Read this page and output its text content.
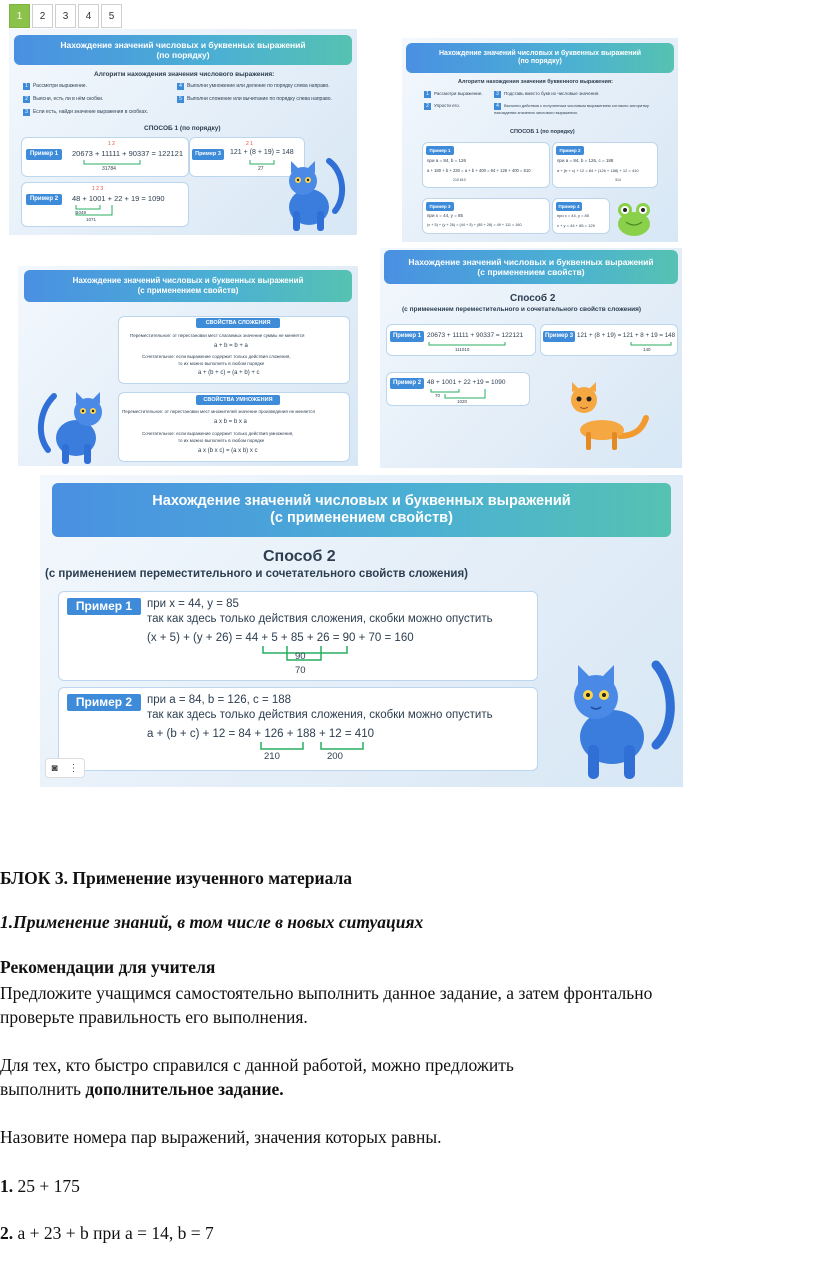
1	2	3	4	5
Нахождение значений числовых и буквенных выражений
(по порядку)
Алгоритм нахождения значения числового выражения:
1 Рассмотри выражение.
2 Выясни, есть ли в нём скобки.
3 Если есть, найди значение выражения в скобках.
4 Выполни умножение или деление по порядку слева направо.
5 Выполни сложение или вычитание по порядку слева направо.
СПОСОБ 1 (по порядку)
Пример 1
1 2
20673 + 11111 + 90337 = 122121
31784
Пример 3
2 1
121 + (8 + 19) = 148
27
Пример 2
1 2 3
48 + 1001 + 22 + 19 = 1090
1049
1071
Нахождение значений числовых и буквенных выражений
(по порядку)
Алгоритм нахождения значения буквенного выражения:
1 Рассмотри выражение.
2 Упрости его.
3 Подставь вместо букв их числовые значения.
4 Выполни действия с полученным числовым выражением согласно алгоритму нахождения значения числового выражения.
СПОСОБ 1 (по порядку)
Пример 1
при a = 84, b = 126
a + 180 + b + 230 = a + b + 400 = 84 + 126 + 400 = 610
210 610
Пример 2
при a = 84, b = 126, c = 188
a + (b + c) + 12 = 84 + (126 + 188) + 12 = 410
314
Пример 3
при x = 44, y = 85
(x + 5) + (y + 26) = (44 + 5) + (85 + 26) = 49 + 111 = 160
Пример 4
при x = 44, y = 85
x + y = 44 + 85 = 129
Нахождение значений числовых и буквенных выражений
(с применением свойств)
СВОЙСТВА СЛОЖЕНИЯ
Переместительное: от перестановки мест слагаемых значение суммы не меняется
a + b = b + a
Сочетательное: если выражение содержит только действия сложения,
то их можно выполнять в любом порядке
a + (b + c) = (a + b) + c
СВОЙСТВА УМНОЖЕНИЯ
Переместительное: от перестановки мест множителей значение произведения не меняется
a x b = b x a
Сочетательное: если выражение содержит только действия умножения,
то их можно выполнять в любом порядке
a x (b x c) = (a x b) x c
Нахождение значений числовых и буквенных выражений
(с применением свойств)
Способ 2
(с применением переместительного и сочетательного свойств сложения)
Пример 1 20673 + 11111 + 90337 = 122121
111010
Пример 3 121 + (8 + 19) = 121 + 8 + 19 = 148
140
Пример 2 48 + 1001 + 22 +19 = 1090
70
1020
Нахождение значений числовых и буквенных выражений
(с применением свойств)
Способ 2
(с применением переместительного и сочетательного свойств сложения)
Пример 1	при x = 44, y = 85
так как здесь только действия сложения, скобки можно опустить
(x + 5) + (y + 26) = 44 + 5 + 85 + 26 = 90 + 70 = 160
90
70
Пример 2	при a = 84, b = 126, c = 188
так как здесь только действия сложения, скобки можно опустить
a + (b + c) + 12 = 84 + 126 + 188 + 12 = 410
210	200
◙ ⋮
БЛОК 3. Применение изученного материала
1.Применение знаний, в том числе в новых ситуациях
Рекомендации для учителя
Предложите учащимся самостоятельно выполнить данное задание, а затем фронтально
проверьте правильность его выполнения.
Для тех, кто быстро справился с данной работой, можно предложить
выполнить дополнительное задание.
Назовите номера пар выражений, значения которых равны.
1. 25 + 175
2. a + 23 + b при a = 14, b = 7
